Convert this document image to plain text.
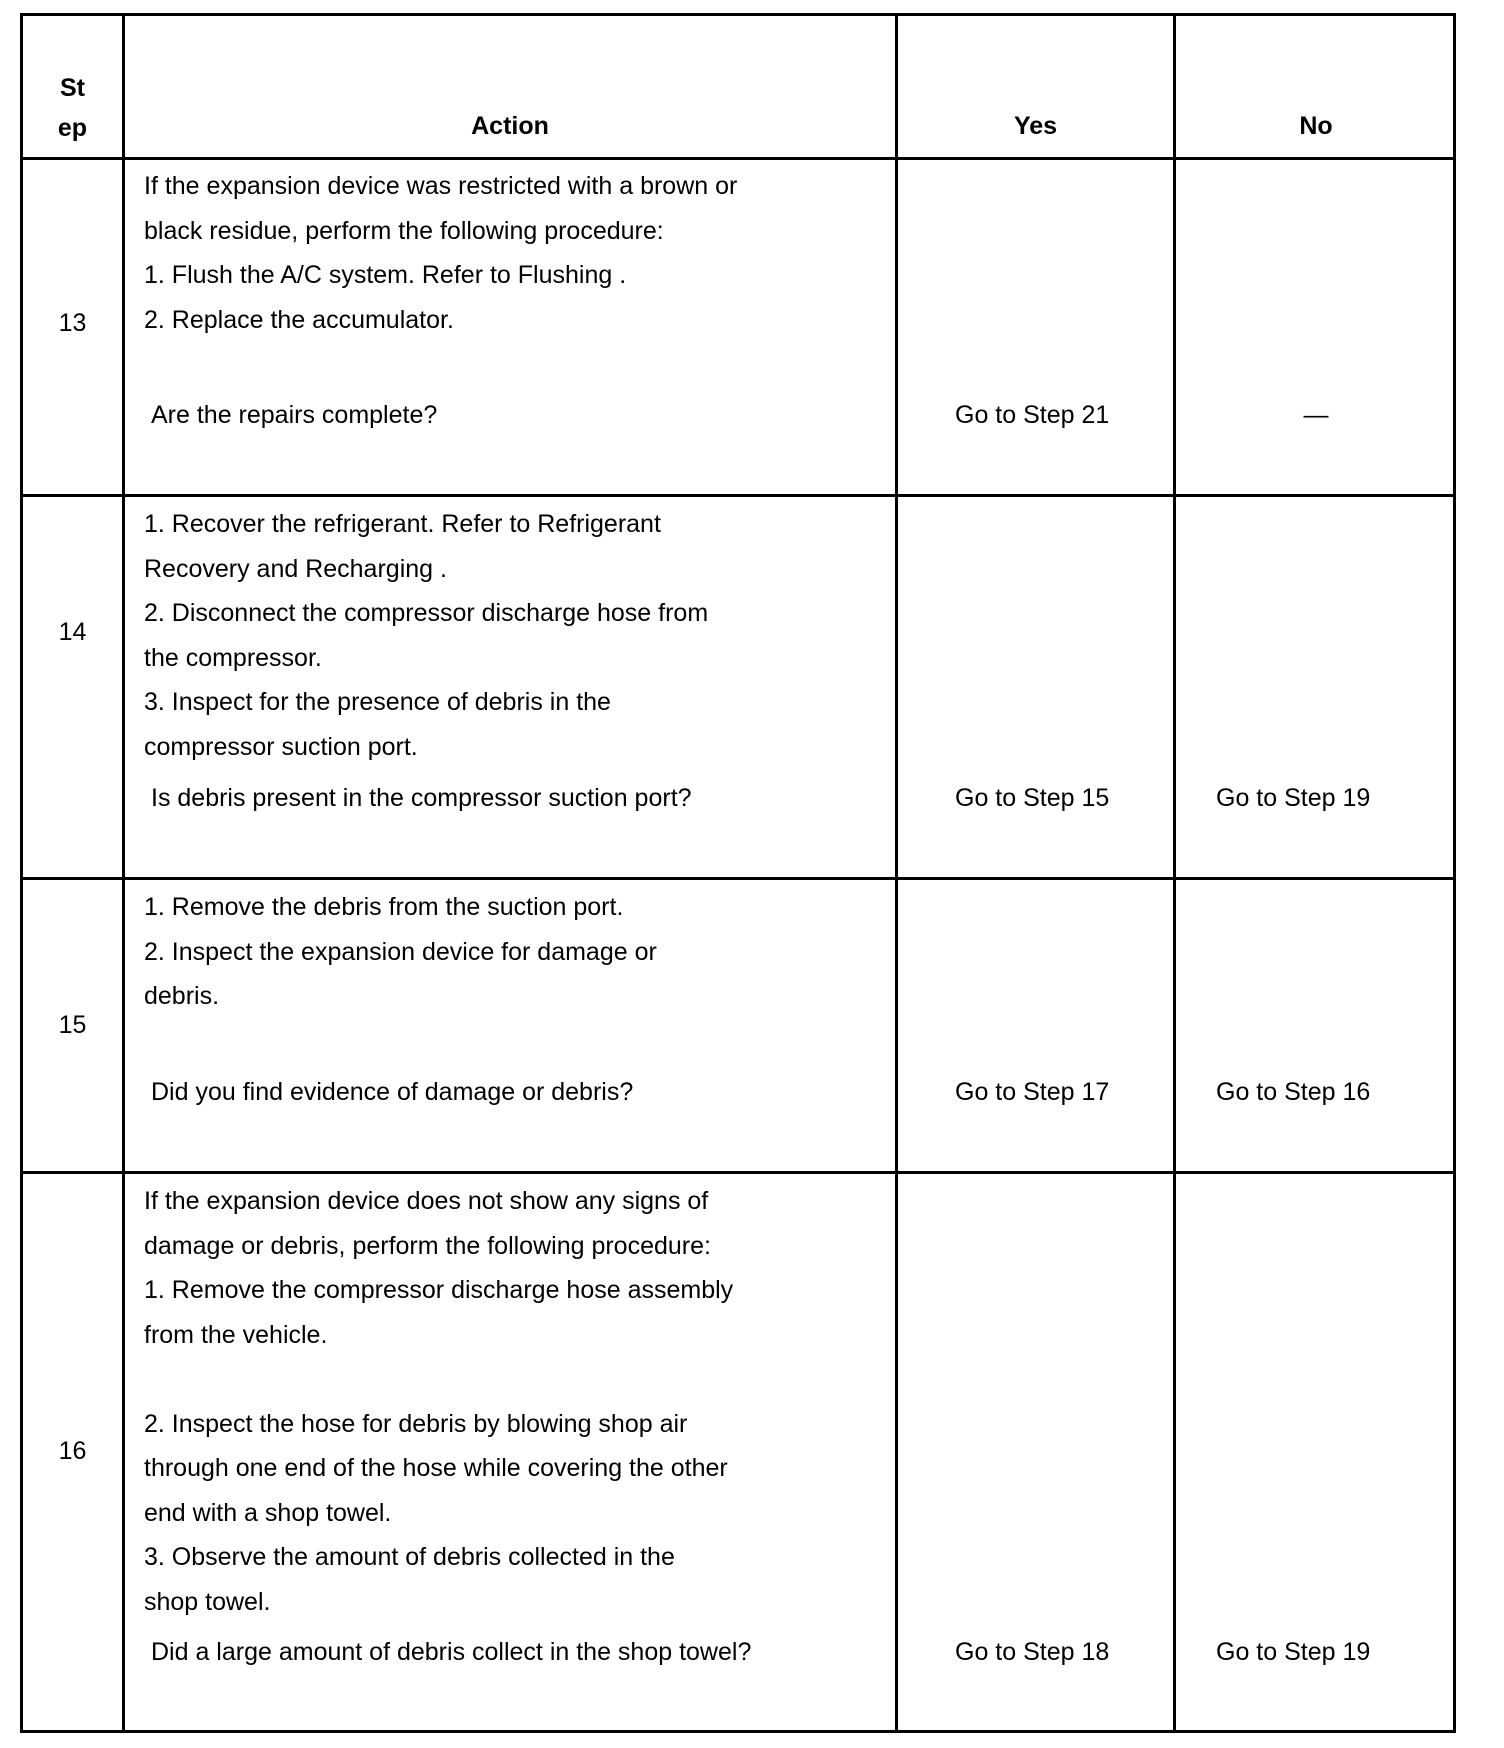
St
ep	Action	Yes	No
13
If the expansion device was restricted with a brown or
black residue, perform the following procedure:
1. Flush the A/C system. Refer to Flushing .
2. Replace the accumulator.
Are the repairs complete?	Go to Step 21	—
14
1. Recover the refrigerant. Refer to Refrigerant
Recovery and Recharging .
2. Disconnect the compressor discharge hose from
the compressor.
3. Inspect for the presence of debris in the
compressor suction port.
Is debris present in the compressor suction port?	Go to Step 15	Go to Step 19
15
1. Remove the debris from the suction port.
2. Inspect the expansion device for damage or
debris.
Did you find evidence of damage or debris?	Go to Step 17	Go to Step 16
16
If the expansion device does not show any signs of
damage or debris, perform the following procedure:
1. Remove the compressor discharge hose assembly
from the vehicle.
2. Inspect the hose for debris by blowing shop air
through one end of the hose while covering the other
end with a shop towel.
3. Observe the amount of debris collected in the
shop towel.
Did a large amount of debris collect in the shop towel?	Go to Step 18	Go to Step 19
